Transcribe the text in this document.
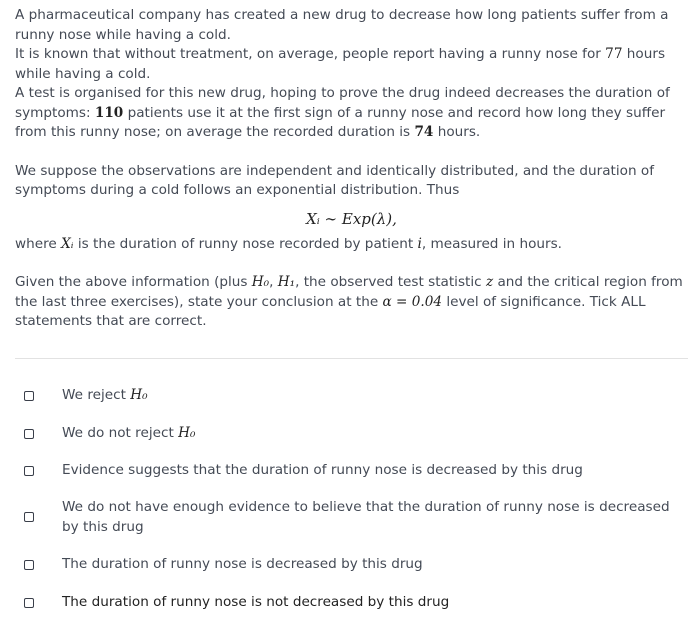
A pharmaceutical company has created a new drug to decrease how long patients suffer from a runny nose while having a cold.
It is known that without treatment, on average, people report having a runny nose for 77 hours while having a cold.
A test is organised for this new drug, hoping to prove the drug indeed decreases the duration of symptoms: 110 patients use it at the first sign of a runny nose and record how long they suffer from this runny nose; on average the recorded duration is 74 hours.

We suppose the observations are independent and identically distributed, and the duration of symptoms during a cold follows an exponential distribution. Thus

Xᵢ ∼ Exp(λ),

where Xᵢ is the duration of runny nose recorded by patient i, measured in hours.

Given the above information (plus H₀, H₁, the observed test statistic z and the critical region from the last three exercises), state your conclusion at the α = 0.04 level of significance. Tick ALL statements that are correct.

We reject H₀
We do not reject H₀
Evidence suggests that the duration of runny nose is decreased by this drug
We do not have enough evidence to believe that the duration of runny nose is decreased by this drug
The duration of runny nose is decreased by this drug
The duration of runny nose is not decreased by this drug
